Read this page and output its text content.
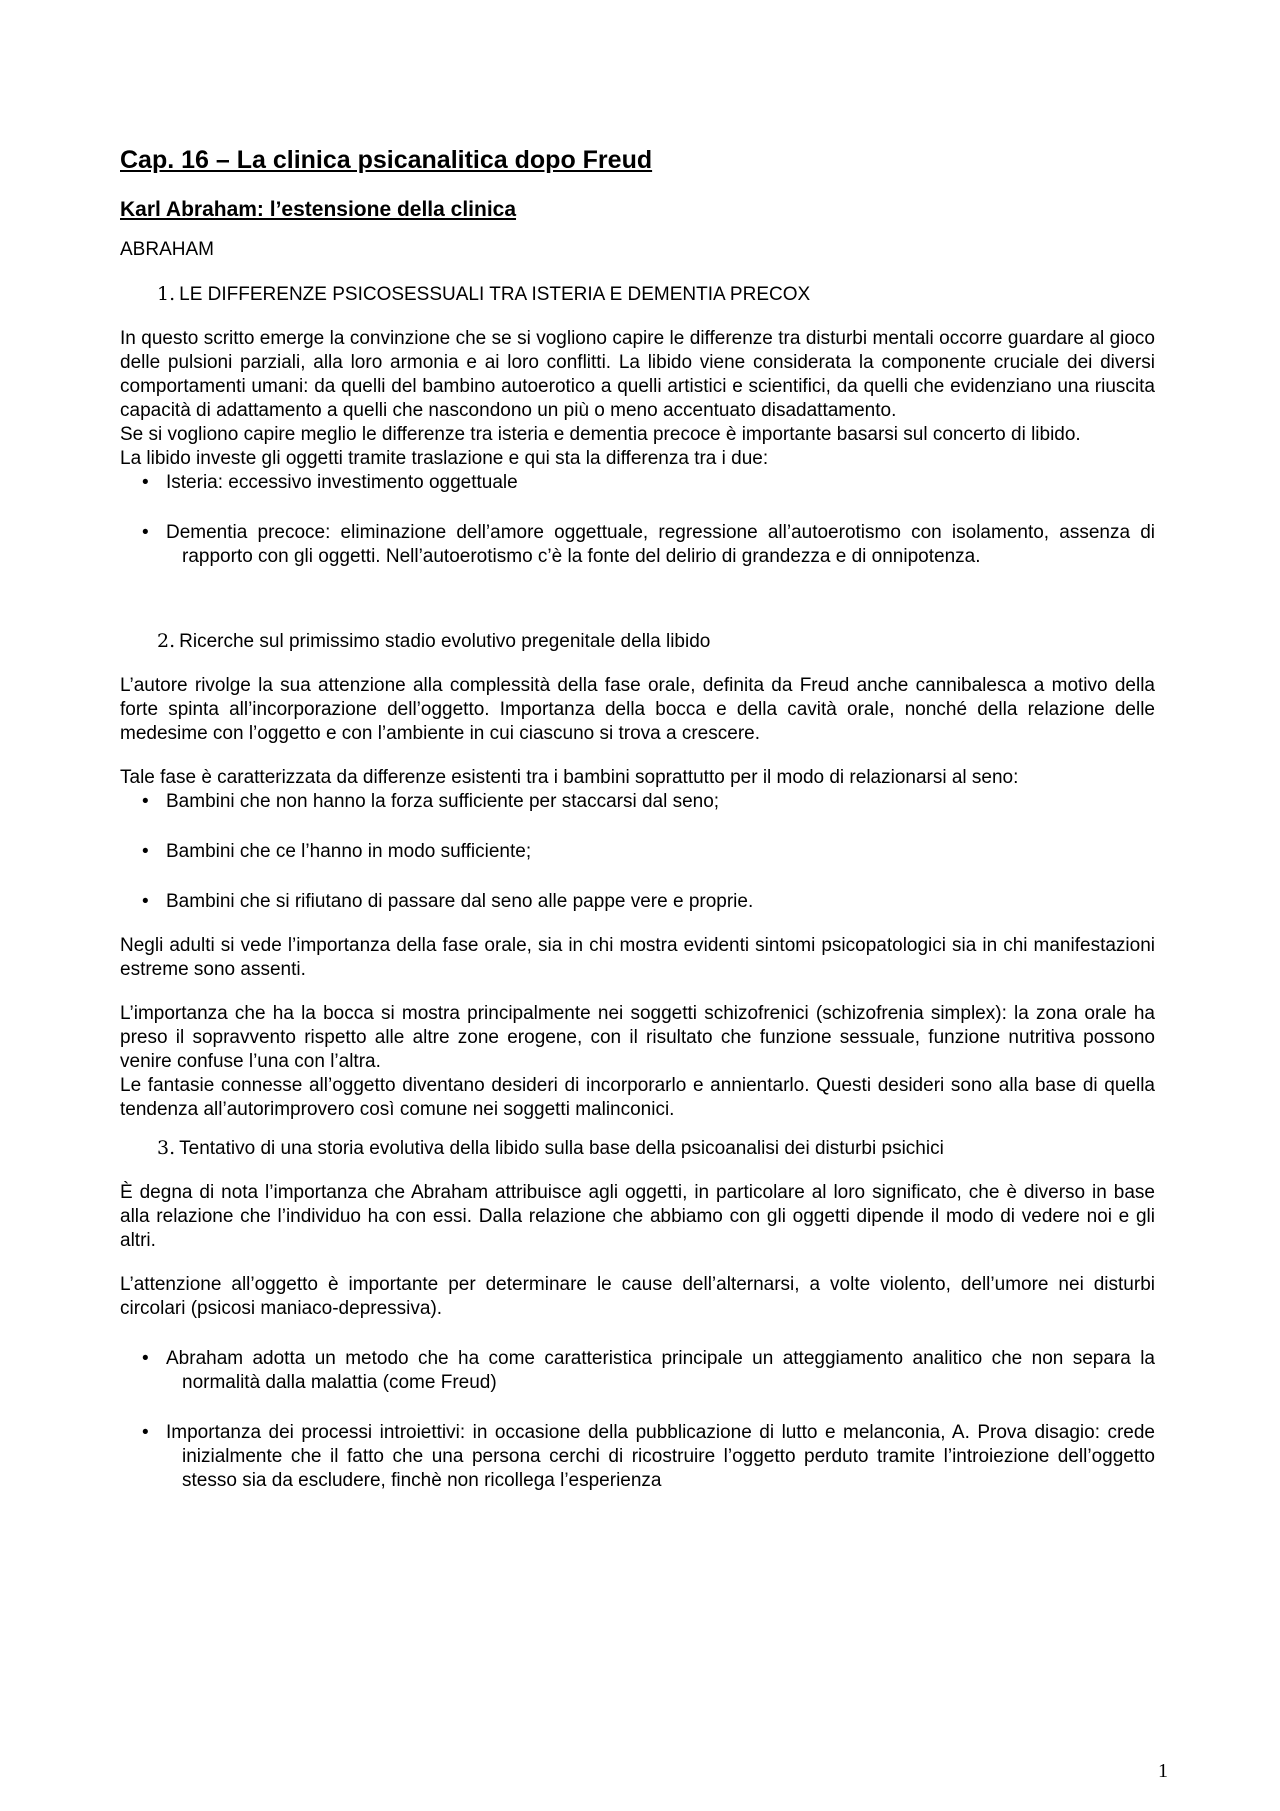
Cap. 16 – La clinica psicanalitica dopo Freud
Karl Abraham: l’estensione della clinica

ABRAHAM

1. LE DIFFERENZE PSICOSESSUALI TRA ISTERIA E DEMENTIA PRECOX

In questo scritto emerge la convinzione che se si vogliono capire le differenze tra disturbi mentali occorre guardare al gioco delle pulsioni parziali, alla loro armonia e ai loro conflitti. La libido viene considerata la componente cruciale dei diversi comportamenti umani: da quelli del bambino autoerotico a quelli artistici e scientifici, da quelli che evidenziano una riuscita capacità di adattamento a quelli che nascondono un più o meno accentuato disadattamento.

Se si vogliono capire meglio le differenze tra isteria e dementia precoce è importante basarsi sul concerto di libido.

La libido investe gli oggetti tramite traslazione e qui sta la differenza tra i due:

• Isteria: eccessivo investimento oggettuale
• Dementia precoce: eliminazione dell’amore oggettuale, regressione all’autoerotismo con isolamento, assenza di rapporto con gli oggetti. Nell’autoerotismo c’è la fonte del delirio di grandezza e di onnipotenza.

2. Ricerche sul primissimo stadio evolutivo pregenitale della libido

L’autore rivolge la sua attenzione alla complessità della fase orale, definita da Freud anche cannibalesca a motivo della forte spinta all’incorporazione dell’oggetto. Importanza della bocca e della cavità orale, nonché della relazione delle medesime con l’oggetto e con l’ambiente in cui ciascuno si trova a crescere.

Tale fase è caratterizzata da differenze esistenti tra i bambini soprattutto per il modo di relazionarsi al seno:

• Bambini che non hanno la forza sufficiente per staccarsi dal seno;
• Bambini che ce l’hanno in modo sufficiente;
• Bambini che si rifiutano di passare dal seno alle pappe vere e proprie.

Negli adulti si vede l’importanza della fase orale, sia in chi mostra evidenti sintomi psicopatologici sia in chi manifestazioni estreme sono assenti.

L’importanza che ha la bocca si mostra principalmente nei soggetti schizofrenici (schizofrenia simplex): la zona orale ha preso il sopravvento rispetto alle altre zone erogene, con il risultato che funzione sessuale, funzione nutritiva possono venire confuse l’una con l’altra.

Le fantasie connesse all’oggetto diventano desideri di incorporarlo e annientarlo. Questi desideri sono alla base di quella tendenza all’autorimprovero così comune nei soggetti malinconici.

3. Tentativo di una storia evolutiva della libido sulla base della psicoanalisi dei disturbi psichici

È degna di nota l’importanza che Abraham attribuisce agli oggetti, in particolare al loro significato, che è diverso in base alla relazione che l’individuo ha con essi. Dalla relazione che abbiamo con gli oggetti dipende il modo di vedere noi e gli altri.

L’attenzione all’oggetto è importante per determinare le cause dell’alternarsi, a volte violento, dell’umore nei disturbi circolari (psicosi maniaco-depressiva).

• Abraham adotta un metodo che ha come caratteristica principale un atteggiamento analitico che non separa la normalità dalla malattia (come Freud)
• Importanza dei processi introiettivi: in occasione della pubblicazione di lutto e melanconia, A. Prova disagio: crede inizialmente che il fatto che una persona cerchi di ricostruire l’oggetto perduto tramite l’introiezione dell’oggetto stesso sia da escludere, finchè non ricollega l’esperienza
1
